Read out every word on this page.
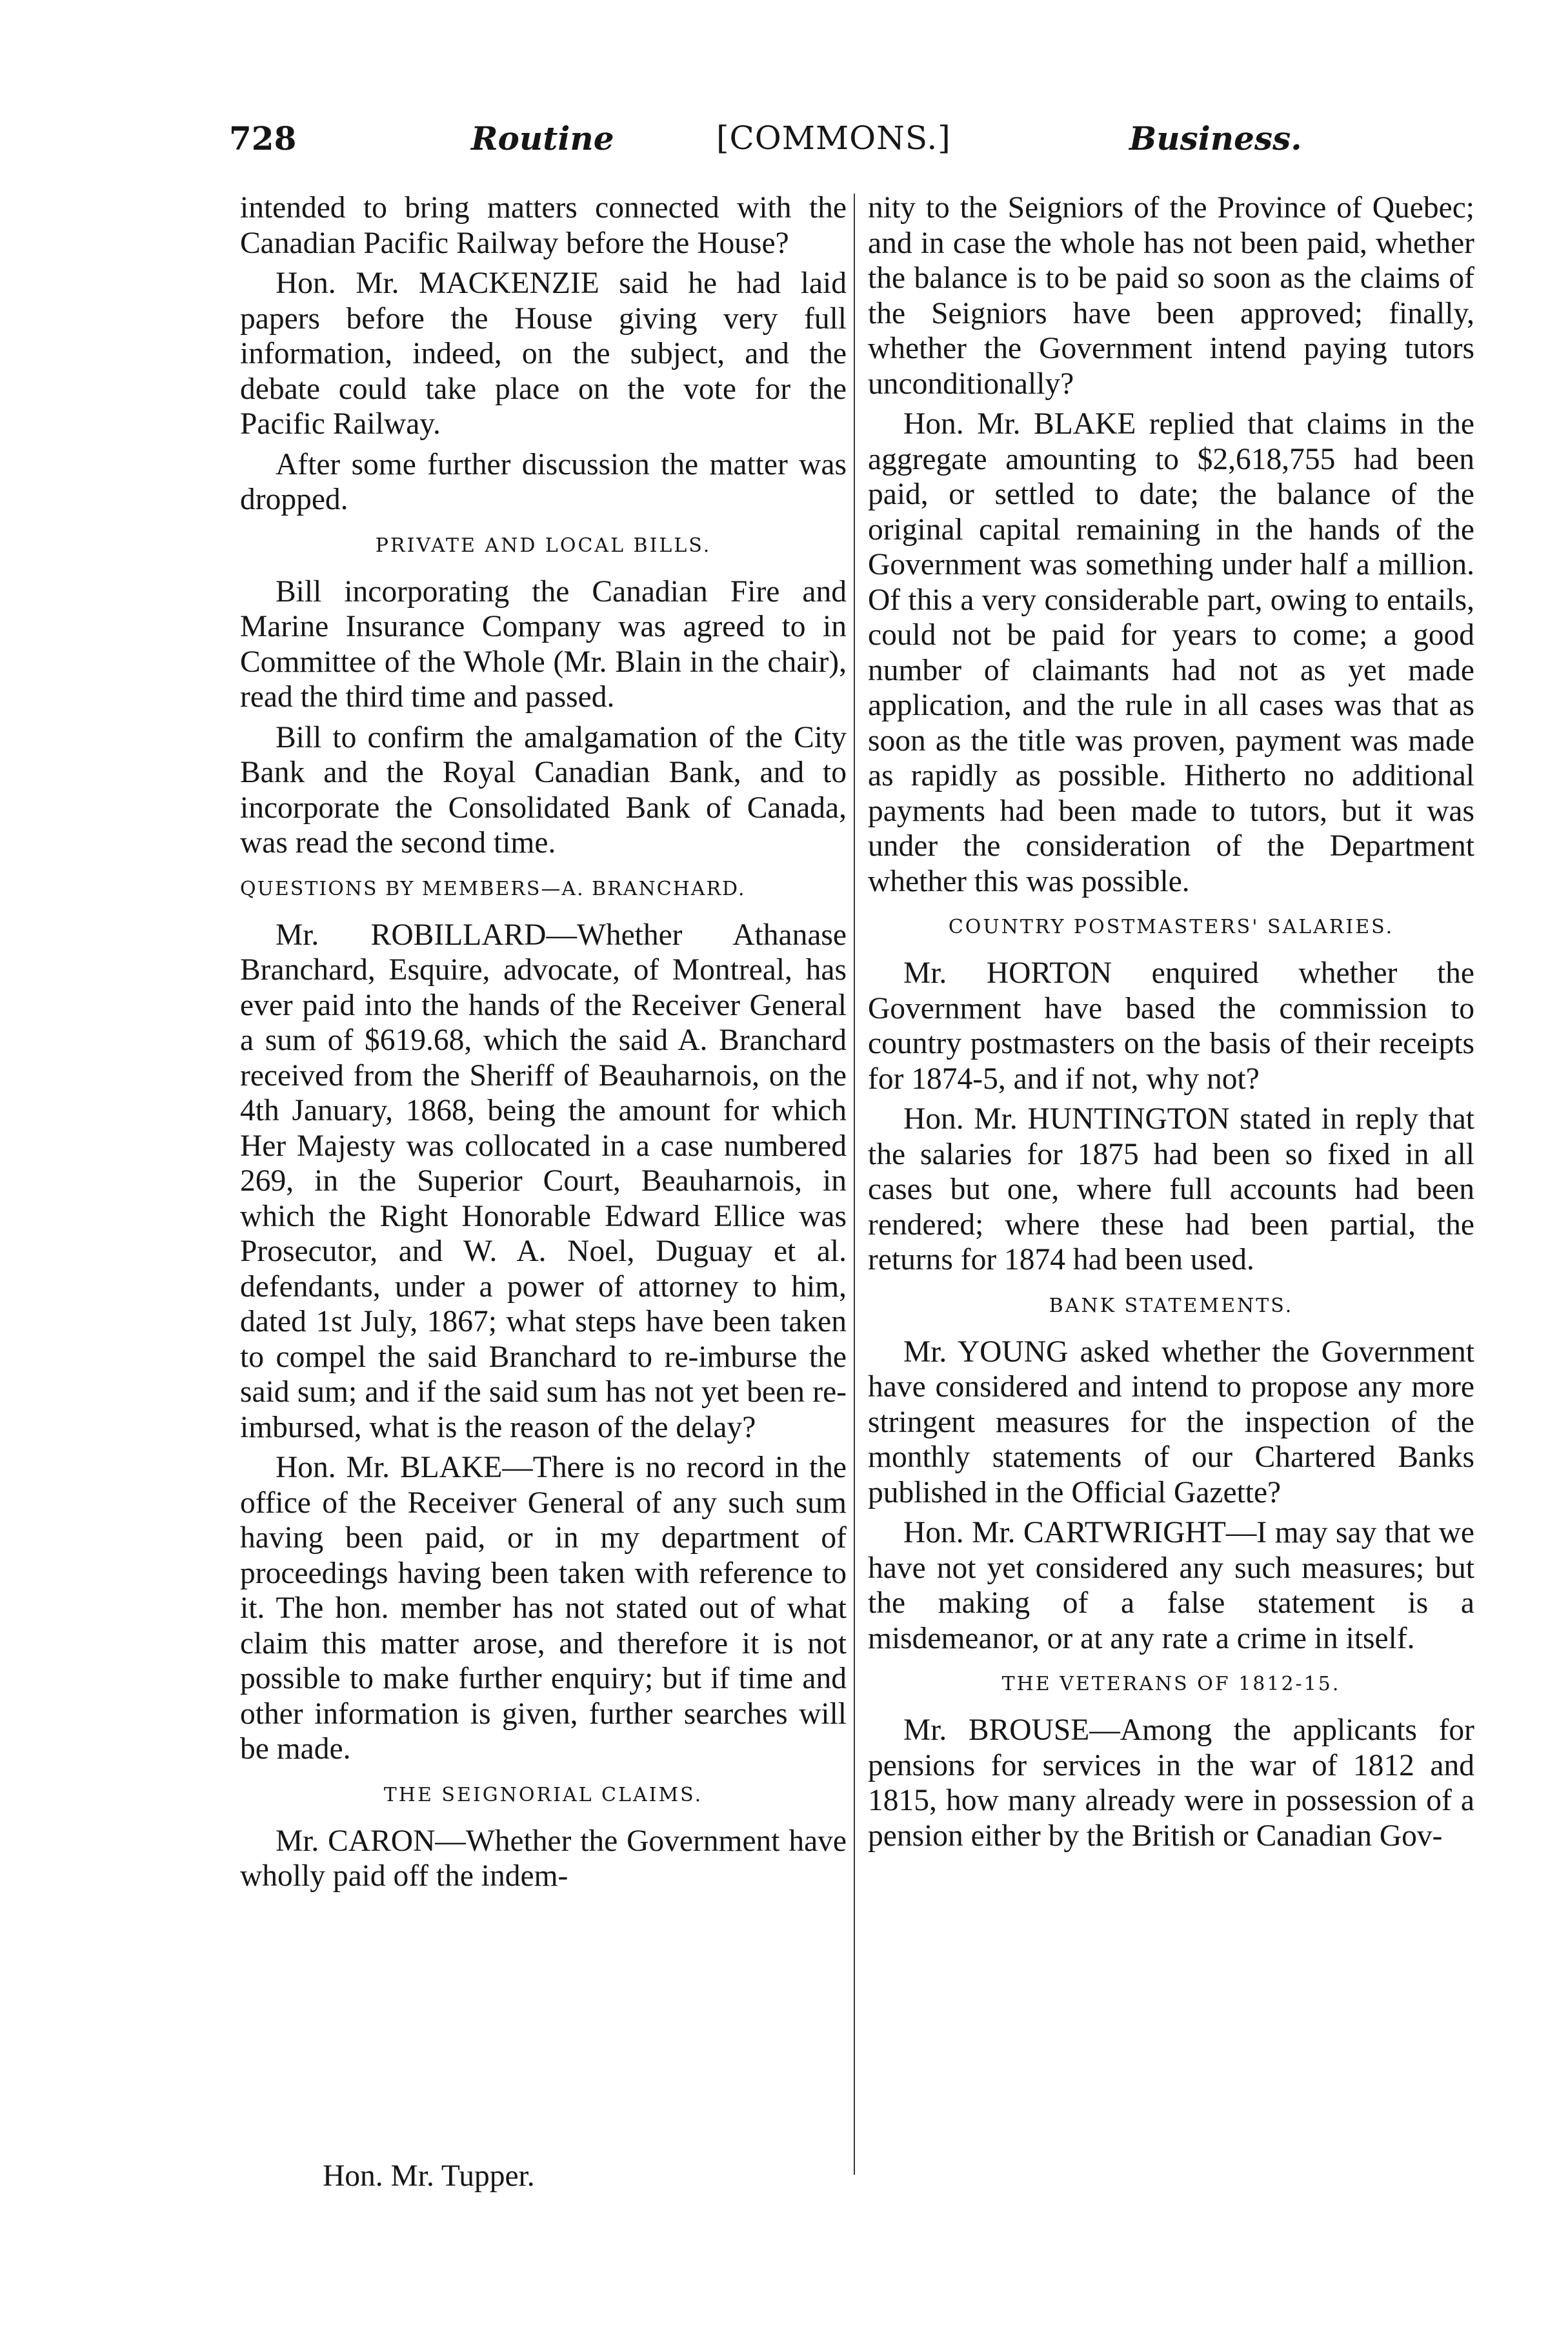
728	Routine	[COMMONS.]	Business.

intended to bring matters connected with the Canadian Pacific Railway before the House?

Hon. Mr. MACKENZIE said he had laid papers before the House giving very full information, indeed, on the subject, and the debate could take place on the vote for the Pacific Railway.

After some further discussion the matter was dropped.

PRIVATE AND LOCAL BILLS.

Bill incorporating the Canadian Fire and Marine Insurance Company was agreed to in Committee of the Whole (Mr. Blain in the chair), read the third time and passed.

Bill to confirm the amalgamation of the City Bank and the Royal Canadian Bank, and to incorporate the Consolidated Bank of Canada, was read the second time.

QUESTIONS BY MEMBERS—A. BRANCHARD.

Mr. ROBILLARD—Whether Athanase Branchard, Esquire, advocate, of Montreal, has ever paid into the hands of the Receiver General a sum of $619.68, which the said A. Branchard received from the Sheriff of Beauharnois, on the 4th January, 1868, being the amount for which Her Majesty was collocated in a case numbered 269, in the Superior Court, Beauharnois, in which the Right Honorable Edward Ellice was Prosecutor, and W. A. Noel, Duguay et al. defendants, under a power of attorney to him, dated 1st July, 1867; what steps have been taken to compel the said Branchard to re-imburse the said sum; and if the said sum has not yet been re-imbursed, what is the reason of the delay?

Hon. Mr. BLAKE—There is no record in the office of the Receiver General of any such sum having been paid, or in my department of proceedings having been taken with reference to it. The hon. member has not stated out of what claim this matter arose, and therefore it is not possible to make further enquiry; but if time and other information is given, further searches will be made.

THE SEIGNORIAL CLAIMS.

Mr. CARON—Whether the Government have wholly paid off the indem-

nity to the Seigniors of the Province of Quebec; and in case the whole has not been paid, whether the balance is to be paid so soon as the claims of the Seigniors have been approved; finally, whether the Government intend paying tutors unconditionally?

Hon. Mr. BLAKE replied that claims in the aggregate amounting to $2,618,755 had been paid, or settled to date; the balance of the original capital remaining in the hands of the Government was something under half a million. Of this a very considerable part, owing to entails, could not be paid for years to come; a good number of claimants had not as yet made application, and the rule in all cases was that as soon as the title was proven, payment was made as rapidly as possible. Hitherto no additional payments had been made to tutors, but it was under the consideration of the Department whether this was possible.

COUNTRY POSTMASTERS' SALARIES.

Mr. HORTON enquired whether the Government have based the commission to country postmasters on the basis of their receipts for 1874-5, and if not, why not?

Hon. Mr. HUNTINGTON stated in reply that the salaries for 1875 had been so fixed in all cases but one, where full accounts had been rendered; where these had been partial, the returns for 1874 had been used.

BANK STATEMENTS.

Mr. YOUNG asked whether the Government have considered and intend to propose any more stringent measures for the inspection of the monthly statements of our Chartered Banks published in the Official Gazette?

Hon. Mr. CARTWRIGHT—I may say that we have not yet considered any such measures; but the making of a false statement is a misdemeanor, or at any rate a crime in itself.

THE VETERANS OF 1812-15.

Mr. BROUSE—Among the applicants for pensions for services in the war of 1812 and 1815, how many already were in possession of a pension either by the British or Canadian Gov-

Hon. Mr. Tupper.
